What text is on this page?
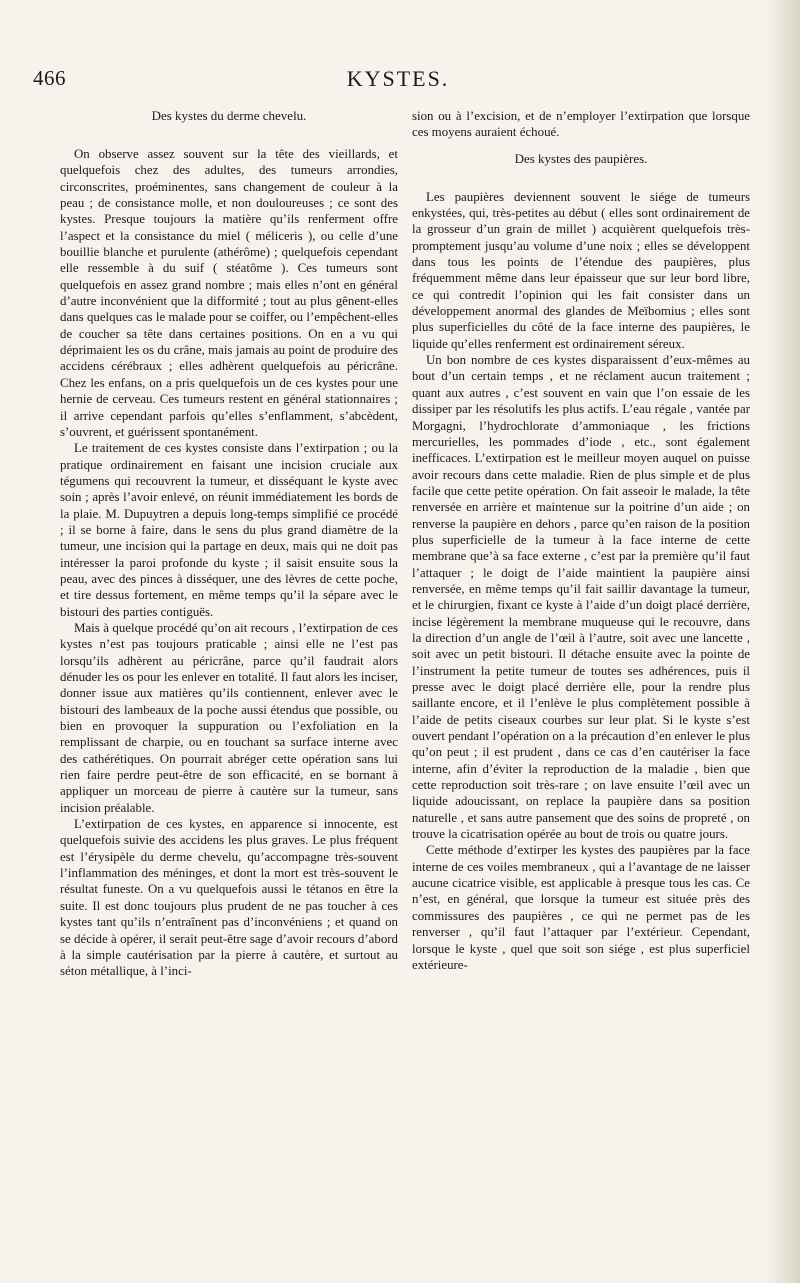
466	KYSTES.
Des kystes du derme chevelu.

On observe assez souvent sur la tête des vieillards, et quelquefois chez des adultes, des tumeurs arrondies, circonscrites, proéminentes, sans changement de couleur à la peau ; de consistance molle, et non douloureuses ; ce sont des kystes. Presque toujours la matière qu’ils renferment offre l’aspect et la consistance du miel ( méliceris ), ou celle d’une bouillie blanche et purulente (athérôme) ; quelquefois cependant elle ressemble à du suif ( stéatôme ). Ces tumeurs sont quelquefois en assez grand nombre ; mais elles n’ont en général d’autre inconvénient que la difformité ; tout au plus gênent-elles dans quelques cas le malade pour se coiffer, ou l’empêchent-elles de coucher sa tête dans certaines positions. On en a vu qui déprimaient les os du crâne, mais jamais au point de produire des accidens cérébraux ; elles adhèrent quelquefois au péricrâne. Chez les enfans, on a pris quelquefois un de ces kystes pour une hernie de cerveau. Ces tumeurs restent en général stationnaires ; il arrive cependant parfois qu’elles s’enflamment, s’abcèdent, s’ouvrent, et guérissent spontanément.

Le traitement de ces kystes consiste dans l’extirpation ; ou la pratique ordinairement en faisant une incision cruciale aux tégumens qui recouvrent la tumeur, et disséquant le kyste avec soin ; après l’avoir enlevé, on réunit immédiatement les bords de la plaie. M. Dupuytren a depuis long-temps simplifié ce procédé ; il se borne à faire, dans le sens du plus grand diamètre de la tumeur, une incision qui la partage en deux, mais qui ne doit pas intéresser la paroi profonde du kyste ; il saisit ensuite sous la peau, avec des pinces à disséquer, une des lèvres de cette poche, et tire dessus fortement, en même temps qu’il la sépare avec le bistouri des parties contiguës.

Mais à quelque procédé qu’on ait recours , l’extirpation de ces kystes n’est pas toujours praticable ; ainsi elle ne l’est pas lorsqu’ils adhèrent au péricrâne, parce qu’il faudrait alors dénuder les os pour les enlever en totalité. Il faut alors les inciser, donner issue aux matières qu’ils contiennent, enlever avec le bistouri des lambeaux de la poche aussi étendus que possible, ou bien en provoquer la suppuration ou l’exfoliation en la remplissant de charpie, ou en touchant sa surface interne avec des cathérétiques. On pourrait abréger cette opération sans lui rien faire perdre peut-être de son efficacité, en se bornant à appliquer un morceau de pierre à cautère sur la tumeur, sans incision préalable.

L’extirpation de ces kystes, en apparence si innocente, est quelquefois suivie des accidens les plus graves. Le plus fréquent est l’érysipèle du derme chevelu, qu’accompagne très-souvent l’inflammation des méninges, et dont la mort est très-souvent le résultat funeste. On a vu quelquefois aussi le tétanos en être la suite. Il est donc toujours plus prudent de ne pas toucher à ces kystes tant qu’ils n’entraînent pas d’inconvéniens ; et quand on se décide à opérer, il serait peut-être sage d’avoir recours d’abord à la simple cautérisation par la pierre à cautère, et surtout au séton métallique, à l’inci-

sion ou à l’excision, et de n’employer l’extirpation que lorsque ces moyens auraient échoué.

Des kystes des paupières.

Les paupières deviennent souvent le siége de tumeurs enkystées, qui, très-petites au début ( elles sont ordinairement de la grosseur d’un grain de millet ) acquièrent quelquefois très-promptement jusqu’au volume d’une noix ; elles se développent dans tous les points de l’étendue des paupières, plus fréquemment même dans leur épaisseur que sur leur bord libre, ce qui contredit l’opinion qui les fait consister dans un développement anormal des glandes de Meïbomius ; elles sont plus superficielles du côté de la face interne des paupières, le liquide qu’elles renferment est ordinairement séreux.

Un bon nombre de ces kystes disparaissent d’eux-mêmes au bout d’un certain temps , et ne réclament aucun traitement ; quant aux autres , c’est souvent en vain que l’on essaie de les dissiper par les résolutifs les plus actifs. L’eau régale , vantée par Morgagni, l’hydrochlorate d’ammoniaque , les frictions mercurielles, les pommades d’iode , etc., sont également inefficaces. L’extirpation est le meilleur moyen auquel on puisse avoir recours dans cette maladie. Rien de plus simple et de plus facile que cette petite opération. On fait asseoir le malade, la tête renversée en arrière et maintenue sur la poitrine d’un aide ; on renverse la paupière en dehors , parce qu’en raison de la position plus superficielle de la tumeur à la face interne de cette membrane que’à sa face externe , c’est par la première qu’il faut l’attaquer ; le doigt de l’aide maintient la paupière ainsi renversée, en même temps qu’il fait saillir davantage la tumeur, et le chirurgien, fixant ce kyste à l’aide d’un doigt placé derrière, incise légèrement la membrane muqueuse qui le recouvre, dans la direction d’un angle de l’œil à l’autre, soit avec une lancette , soit avec un petit bistouri. Il détache ensuite avec la pointe de l’instrument la petite tumeur de toutes ses adhérences, puis il presse avec le doigt placé derrière elle, pour la rendre plus saillante encore, et il l’enlève le plus complètement possible à l’aide de petits ciseaux courbes sur leur plat. Si le kyste s’est ouvert pendant l’opération on a la précaution d’en enlever le plus qu’on peut ; il est prudent , dans ce cas d’en cautériser la face interne, afin d’éviter la reproduction de la maladie , bien que cette reproduction soit très-rare ; on lave ensuite l’œil avec un liquide adoucissant, on replace la paupière dans sa position naturelle , et sans autre pansement que des soins de propreté , on trouve la cicatrisation opérée au bout de trois ou quatre jours.

Cette méthode d’extirper les kystes des paupières par la face interne de ces voiles membraneux , qui a l’avantage de ne laisser aucune cicatrice visible, est applicable à presque tous les cas. Ce n’est, en général, que lorsque la tumeur est située près des commissures des paupières , ce qui ne permet pas de les renverser , qu’il faut l’attaquer par l’extérieur. Cependant, lorsque le kyste , quel que soit son siége , est plus superficiel extérieure-
